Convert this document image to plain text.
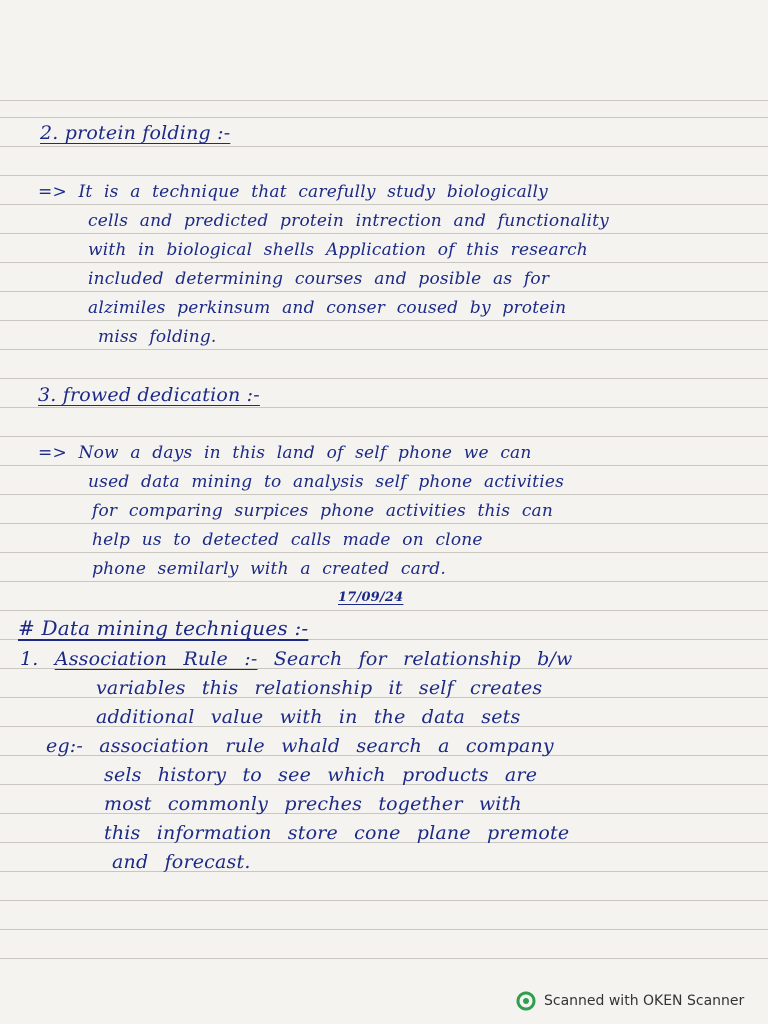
2. protein folding :-
=> It is a technique that carefully study biologically
cells and predicted protein intrection and functionality
with in biological shells Application of this research
included determining courses and posible as for
alzimiles perkinsum and conser coused by protein
miss folding.
3. frowed dedication :-
=> Now a days in this land of self phone we can
used data mining to analysis self phone activities
for comparing surpices phone activities this can
help us to detected calls made on clone
phone semilarly with a created card.
17/09/24
# Data mining techniques :-
1. Association Rule :- Search for relationship b/w
variables this relationship it self creates
additional value with in the data sets
eg:- association rule whald search a company
sels history to see which products are
most commonly preches together with
this information store cone plane premote
and forecast.
Scanned with OKEN Scanner
